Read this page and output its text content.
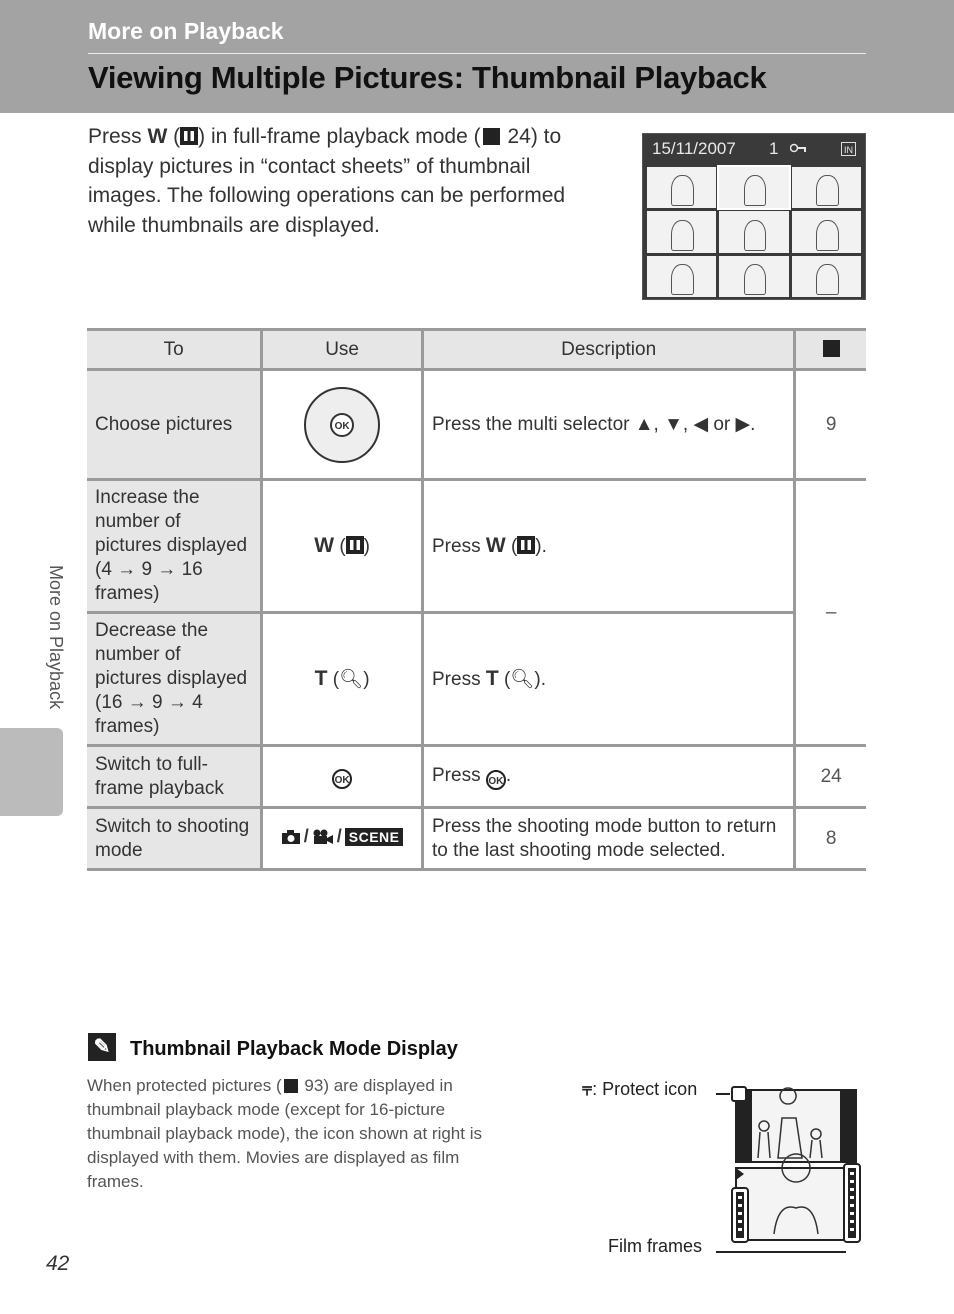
More on Playback
Viewing Multiple Pictures: Thumbnail Playback
Press W ( ) in full-frame playback mode ( 24) to display pictures in “contact sheets” of thumbnail images. The following operations can be performed while thumbnails are displayed.
15/11/2007 1	IN
To	Use	Description	
Choose pictures	OK	Press the multi selector ▲, ▼, ◀ or ▶.	9
Increase the number of pictures displayed (4 → 9 → 16 frames)	W ( )	Press W ( ).	–
Decrease the number of pictures displayed (16 → 9 → 4 frames)	T (🔍︎)	Press T (🔍︎).	
Switch to full-frame playback	OK	Press OK .	24
Switch to shooting mode	/ / SCENE	Press the shooting mode button to return to the last shooting mode selected.	8
More on Playback
✎ Thumbnail Playback Mode Display
When protected pictures ( 93) are displayed in thumbnail playback mode (except for 16-picture thumbnail playback mode), the icon shown at right is displayed with them. Movies are displayed as film frames.
⫧: Protect icon
Film frames
42
